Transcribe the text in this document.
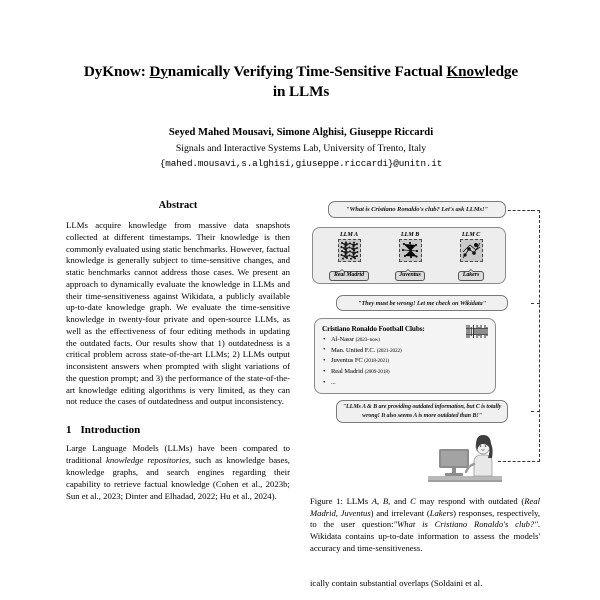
DyKnow: Dynamically Verifying Time-Sensitive Factual Knowledge
in LLMs
Seyed Mahed Mousavi, Simone Alghisi, Giuseppe Riccardi
Signals and Interactive Systems Lab, University of Trento, Italy
{mahed.mousavi,s.alghisi,giuseppe.riccardi}@unitn.it
Abstract

LLMs acquire knowledge from massive data snapshots collected at different timestamps. Their knowledge is then commonly evaluated using static benchmarks. However, factual knowledge is generally subject to time-sensitive changes, and static benchmarks cannot address those cases. We present an approach to dynamically evaluate the knowledge in LLMs and their time-sensitiveness against Wikidata, a publicly available up-to-date knowledge graph. We evaluate the time-sensitive knowledge in twenty-four private and open-source LLMs, as well as the effectiveness of four editing methods in updating the outdated facts. Our results show that 1) outdatedness is a critical problem across state-of-the-art LLMs; 2) LLMs output inconsistent answers when prompted with slight variations of the question prompt; and 3) the performance of the state-of-the-art knowledge editing algorithms is very limited, as they can not reduce the cases of outdatedness and output inconsistency.

1 Introduction

Large Language Models (LLMs) have been compared to traditional knowledge repositories, such as knowledge bases, knowledge graphs, and search engines regarding their capability to retrieve factual knowledge (Cohen et al., 2023b; Sun et al., 2023; Dinter and Elhadad, 2022; Hu et al., 2024).

"What is Cristiano Ronaldo's club? Let's ask LLMs!"
LLM A
Real Madrid
LLM B
Juventus
LLM C
Lakers
"They must be wrong! Let me check on Wikidata"
Cristiano Ronaldo Football Clubs:
• Al-Nassr (2023–now)
• Man. United F.C. (2021-2022)
• Juventus FC (2018-2021)
• Real Madrid (2009-2018)
• ...
"LLMs A & B are providing outdated information, but C is totally wrong! It also seems A is more outdated than B!"
Figure 1: LLMs A, B, and C may respond with outdated (Real Madrid, Juventus) and irrelevant (Lakers) responses, respectively, to the user question:"What is Cristiano Ronaldo's club?". Wikidata contains up-to-date information to assess the models' accuracy and time-sensitiveness.

ically contain substantial overlaps (Soldaini et al.
